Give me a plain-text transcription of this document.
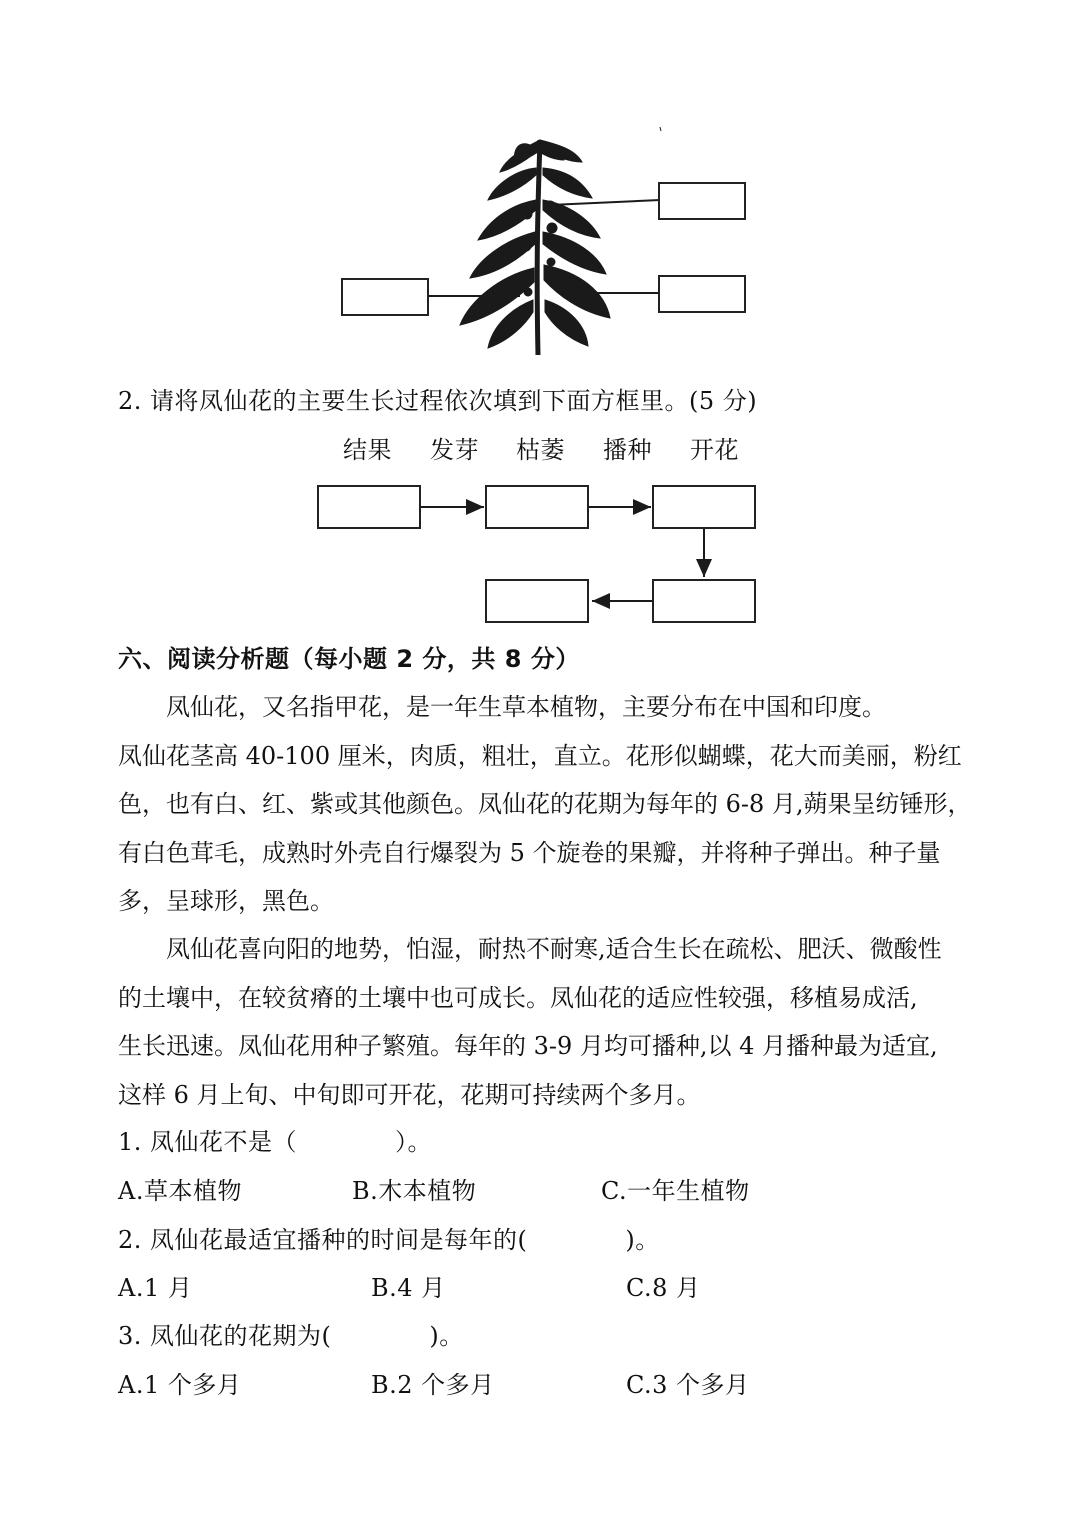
2. 请将凤仙花的主要生长过程依次填到下面方框里。(5 分)
结果 发芽 枯萎 播种 开花
六、阅读分析题（每小题 2 分，共 8 分）
凤仙花，又名指甲花，是一年生草本植物，主要分布在中国和印度。
凤仙花茎高 40-100 厘米，肉质，粗壮，直立。花形似蝴蝶，花大而美丽，粉红
色，也有白、红、紫或其他颜色。凤仙花的花期为每年的 6-8 月,蒴果呈纺锤形，
有白色茸毛，成熟时外壳自行爆裂为 5 个旋卷的果瓣，并将种子弹出。种子量
多，呈球形，黑色。
凤仙花喜向阳的地势，怕湿，耐热不耐寒,适合生长在疏松、肥沃、微酸性
的土壤中，在较贫瘠的土壤中也可成长。凤仙花的适应性较强，移植易成活,
生长迅速。凤仙花用种子繁殖。每年的 3-9 月均可播种,以 4 月播种最为适宜,
这样 6 月上旬、中旬即可开花，花期可持续两个多月。
1. 凤仙花不是（　　　　）。
A.草本植物	B.木本植物	C.一年生植物
2. 凤仙花最适宜播种的时间是每年的(　　　　)。
A.1 月	B.4 月	C.8 月
3. 凤仙花的花期为(　　　　)。
A.1 个多月	B.2 个多月	C.3 个多月
